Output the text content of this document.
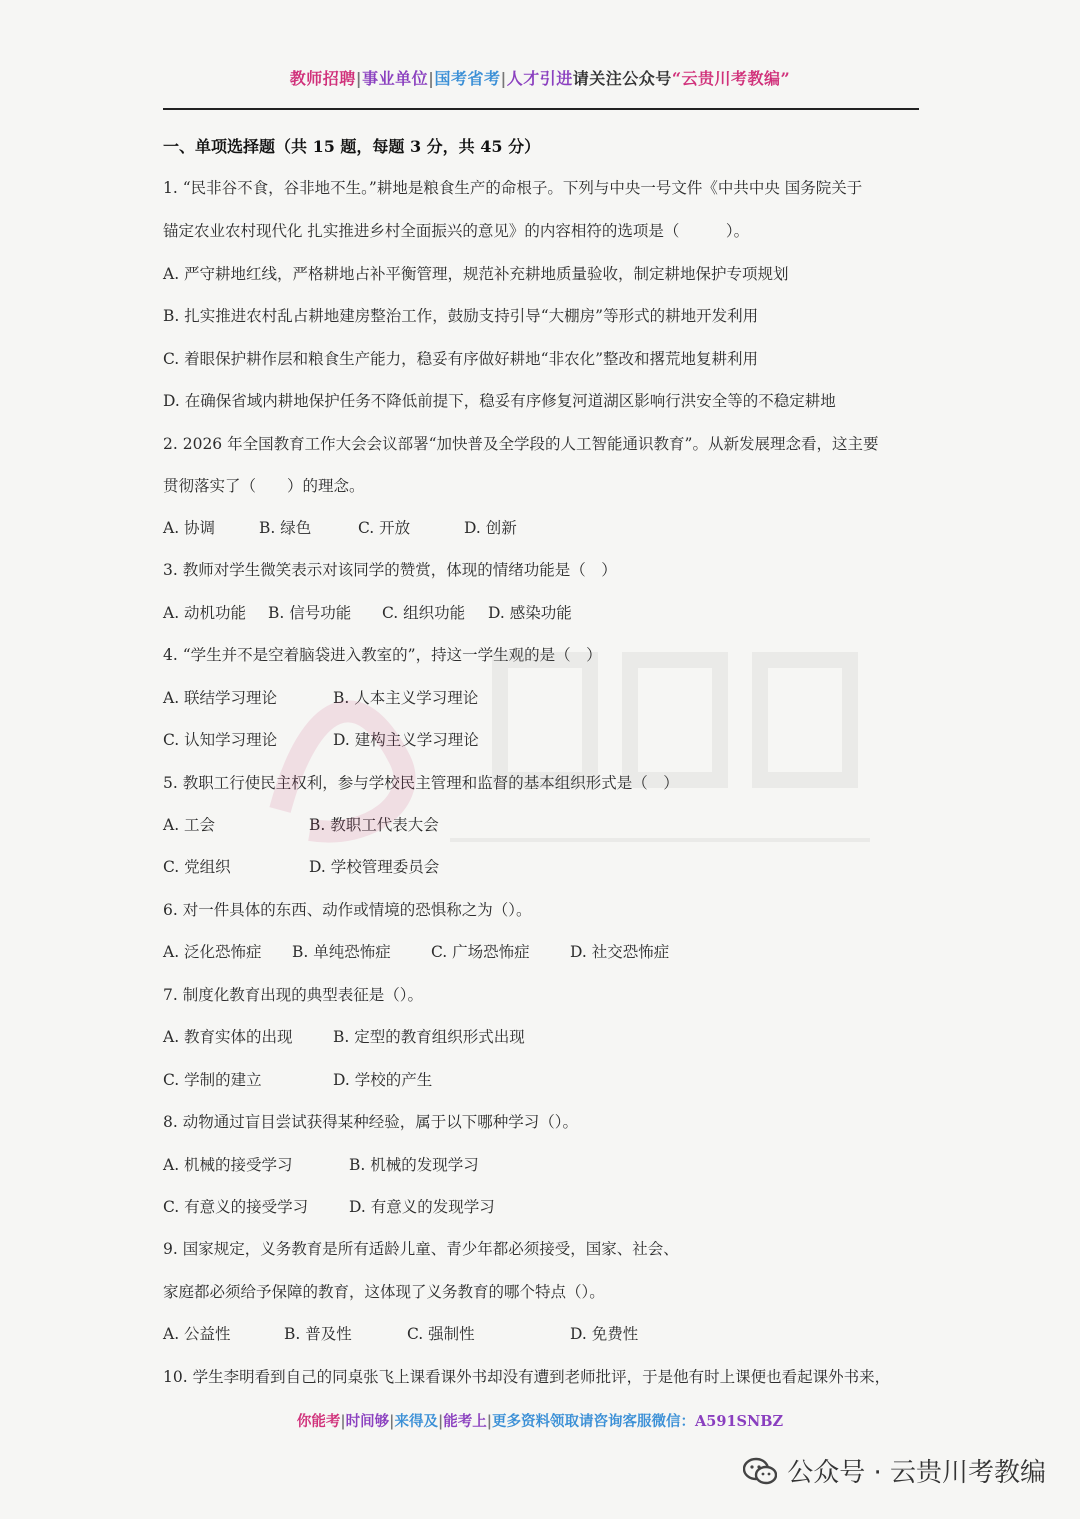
教师招聘|事业单位|国考省考|人才引进请关注公众号“云贵川考教编”
一、单项选择题（共 15 题，每题 3 分，共 45 分）
1. “民非谷不食，谷非地不生。”耕地是粮食生产的命根子。下列与中央一号文件《中共中央 国务院关于
锚定农业农村现代化 扎实推进乡村全面振兴的意见》的内容相符的选项是（　　　）。
A. 严守耕地红线，严格耕地占补平衡管理，规范补充耕地质量验收，制定耕地保护专项规划
B. 扎实推进农村乱占耕地建房整治工作，鼓励支持引导“大棚房”等形式的耕地开发利用
C. 着眼保护耕作层和粮食生产能力，稳妥有序做好耕地“非农化”整改和撂荒地复耕利用
D. 在确保省域内耕地保护任务不降低前提下，稳妥有序修复河道湖区影响行洪安全等的不稳定耕地
2. 2026 年全国教育工作大会会议部署“加快普及全学段的人工智能通识教育”。从新发展理念看，这主要
贯彻落实了（　　）的理念。
A. 协调	B. 绿色	C. 开放	D. 创新
3. 教师对学生微笑表示对该同学的赞赏，体现的情绪功能是（　）
A. 动机功能 B. 信号功能 C. 组织功能 D. 感染功能
4. “学生并不是空着脑袋进入教室的”，持这一学生观的是（　）
A. 联结学习理论	B. 人本主义学习理论
C. 认知学习理论	D. 建构主义学习理论
5. 教职工行使民主权利，参与学校民主管理和监督的基本组织形式是（　）
A. 工会	B. 教职工代表大会
C. 党组织	D. 学校管理委员会
6. 对一件具体的东西、动作或情境的恐惧称之为（）。
A. 泛化恐怖症 B. 单纯恐怖症	C. 广场恐怖症	D. 社交恐怖症
7. 制度化教育出现的典型表征是（）。
A. 教育实体的出现	B. 定型的教育组织形式出现
C. 学制的建立	D. 学校的产生
8. 动物通过盲目尝试获得某种经验，属于以下哪种学习（）。
A. 机械的接受学习	B. 机械的发现学习
C. 有意义的接受学习	D. 有意义的发现学习
9. 国家规定，义务教育是所有适龄儿童、青少年都必须接受，国家、社会、
家庭都必须给予保障的教育，这体现了义务教育的哪个特点（）。
A. 公益性	B. 普及性	C. 强制性	D. 免费性
10. 学生李明看到自己的同桌张飞上课看课外书却没有遭到老师批评，于是他有时上课便也看起课外书来，
你能考|时间够|来得及|能考上|更多资料领取请咨询客服微信：A591SNBZ
公众号 · 云贵川考教编
